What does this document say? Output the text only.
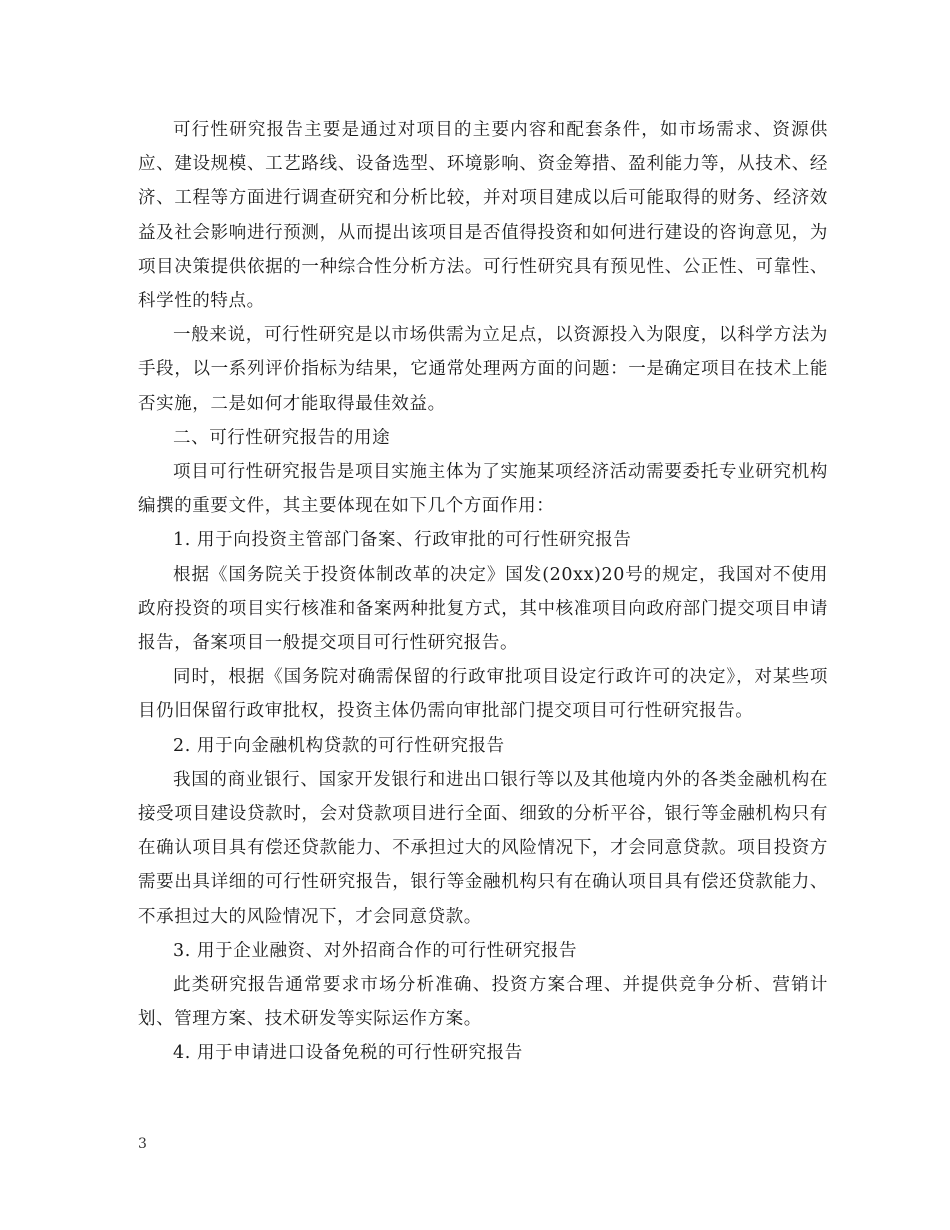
可行性研究报告主要是通过对项目的主要内容和配套条件，如市场需求、资源供应、建设规模、工艺路线、设备选型、环境影响、资金筹措、盈利能力等，从技术、经济、工程等方面进行调查研究和分析比较，并对项目建成以后可能取得的财务、经济效益及社会影响进行预测，从而提出该项目是否值得投资和如何进行建设的咨询意见，为项目决策提供依据的一种综合性分析方法。可行性研究具有预见性、公正性、可靠性、科学性的特点。

一般来说，可行性研究是以市场供需为立足点，以资源投入为限度，以科学方法为手段，以一系列评价指标为结果，它通常处理两方面的问题：一是确定项目在技术上能否实施，二是如何才能取得最佳效益。

二、可行性研究报告的用途

项目可行性研究报告是项目实施主体为了实施某项经济活动需要委托专业研究机构编撰的重要文件，其主要体现在如下几个方面作用：

1. 用于向投资主管部门备案、行政审批的可行性研究报告

根据《国务院关于投资体制改革的决定》国发(20xx)20号的规定，我国对不使用政府投资的项目实行核准和备案两种批复方式，其中核准项目向政府部门提交项目申请报告，备案项目一般提交项目可行性研究报告。

同时，根据《国务院对确需保留的行政审批项目设定行政许可的决定》，对某些项目仍旧保留行政审批权，投资主体仍需向审批部门提交项目可行性研究报告。

2. 用于向金融机构贷款的可行性研究报告

我国的商业银行、国家开发银行和进出口银行等以及其他境内外的各类金融机构在接受项目建设贷款时，会对贷款项目进行全面、细致的分析平谷，银行等金融机构只有在确认项目具有偿还贷款能力、不承担过大的风险情况下，才会同意贷款。项目投资方需要出具详细的可行性研究报告，银行等金融机构只有在确认项目具有偿还贷款能力、不承担过大的风险情况下，才会同意贷款。

3. 用于企业融资、对外招商合作的可行性研究报告

此类研究报告通常要求市场分析准确、投资方案合理、并提供竞争分析、营销计划、管理方案、技术研发等实际运作方案。

4. 用于申请进口设备免税的可行性研究报告

3
